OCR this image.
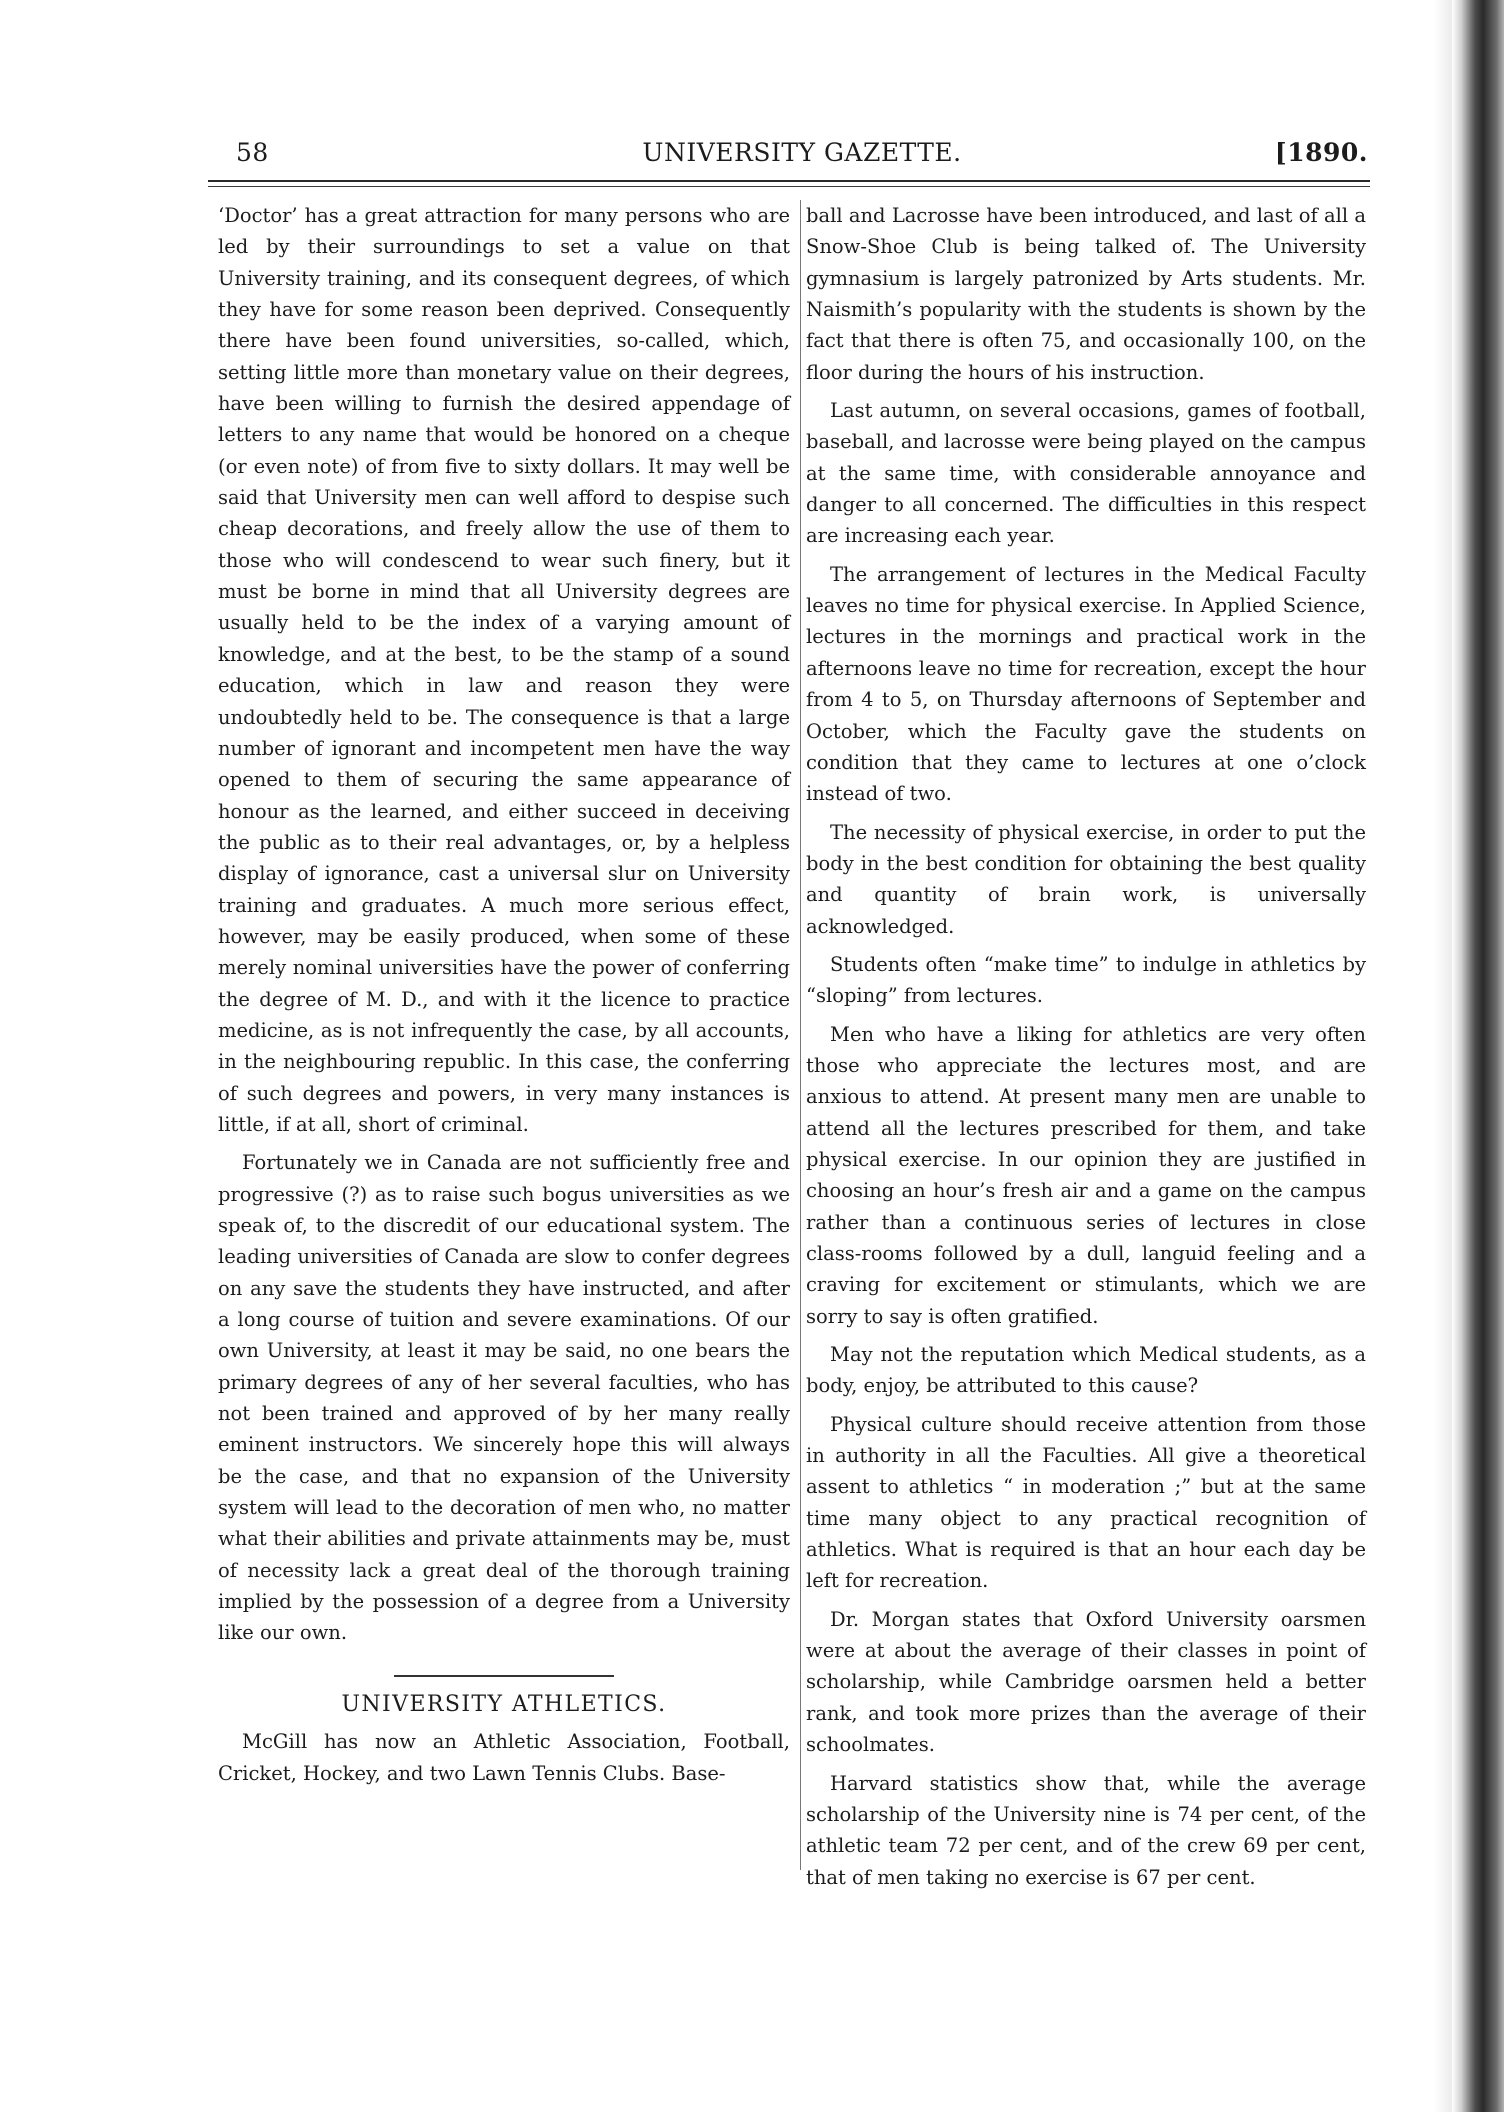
58	UNIVERSITY GAZETTE.	[1890.

‘Doctor’ has a great attraction for many persons who are led by their surroundings to set a value on that University training, and its consequent degrees, of which they have for some reason been deprived. Consequently there have been found universities, so-called, which, setting little more than monetary value on their degrees, have been willing to furnish the desired appendage of letters to any name that would be honored on a cheque (or even note) of from five to sixty dollars. It may well be said that University men can well afford to despise such cheap decorations, and freely allow the use of them to those who will condescend to wear such finery, but it must be borne in mind that all University degrees are usually held to be the index of a varying amount of knowledge, and at the best, to be the stamp of a sound education, which in law and reason they were undoubtedly held to be. The consequence is that a large number of ignorant and incompetent men have the way opened to them of securing the same appearance of honour as the learned, and either succeed in deceiving the public as to their real advantages, or, by a helpless display of ignorance, cast a universal slur on University training and graduates. A much more serious effect, however, may be easily produced, when some of these merely nominal universities have the power of conferring the degree of M. D., and with it the licence to practice medicine, as is not infrequently the case, by all accounts, in the neighbouring republic. In this case, the conferring of such degrees and powers, in very many instances is little, if at all, short of criminal.

Fortunately we in Canada are not sufficiently free and progressive (?) as to raise such bogus universities as we speak of, to the discredit of our educational system. The leading universities of Canada are slow to confer degrees on any save the students they have instructed, and after a long course of tuition and severe examinations. Of our own University, at least it may be said, no one bears the primary degrees of any of her several faculties, who has not been trained and approved of by her many really eminent instructors. We sincerely hope this will always be the case, and that no expansion of the University system will lead to the decoration of men who, no matter what their abilities and private attainments may be, must of necessity lack a great deal of the thorough training implied by the possession of a degree from a University like our own.

UNIVERSITY ATHLETICS.

McGill has now an Athletic Association, Football, Cricket, Hockey, and two Lawn Tennis Clubs. Base-

ball and Lacrosse have been introduced, and last of all a Snow-Shoe Club is being talked of. The University gymnasium is largely patronized by Arts students. Mr. Naismith’s popularity with the students is shown by the fact that there is often 75, and occasionally 100, on the floor during the hours of his instruction.

Last autumn, on several occasions, games of football, baseball, and lacrosse were being played on the campus at the same time, with considerable annoyance and danger to all concerned. The difficulties in this respect are increasing each year.

The arrangement of lectures in the Medical Faculty leaves no time for physical exercise. In Applied Science, lectures in the mornings and practical work in the afternoons leave no time for recreation, except the hour from 4 to 5, on Thursday afternoons of September and October, which the Faculty gave the students on condition that they came to lectures at one o’clock instead of two.

The necessity of physical exercise, in order to put the body in the best condition for obtaining the best quality and quantity of brain work, is universally acknowledged.

Students often “make time” to indulge in athletics by “sloping” from lectures.

Men who have a liking for athletics are very often those who appreciate the lectures most, and are anxious to attend. At present many men are unable to attend all the lectures prescribed for them, and take physical exercise. In our opinion they are justified in choosing an hour’s fresh air and a game on the campus rather than a continuous series of lectures in close class-rooms followed by a dull, languid feeling and a craving for excitement or stimulants, which we are sorry to say is often gratified.

May not the reputation which Medical students, as a body, enjoy, be attributed to this cause?

Physical culture should receive attention from those in authority in all the Faculties. All give a theoretical assent to athletics “ in moderation ;” but at the same time many object to any practical recognition of athletics. What is required is that an hour each day be left for recreation.

Dr. Morgan states that Oxford University oarsmen were at about the average of their classes in point of scholarship, while Cambridge oarsmen held a better rank, and took more prizes than the average of their schoolmates.

Harvard statistics show that, while the average scholarship of the University nine is 74 per cent, of the athletic team 72 per cent, and of the crew 69 per cent, that of men taking no exercise is 67 per cent.
